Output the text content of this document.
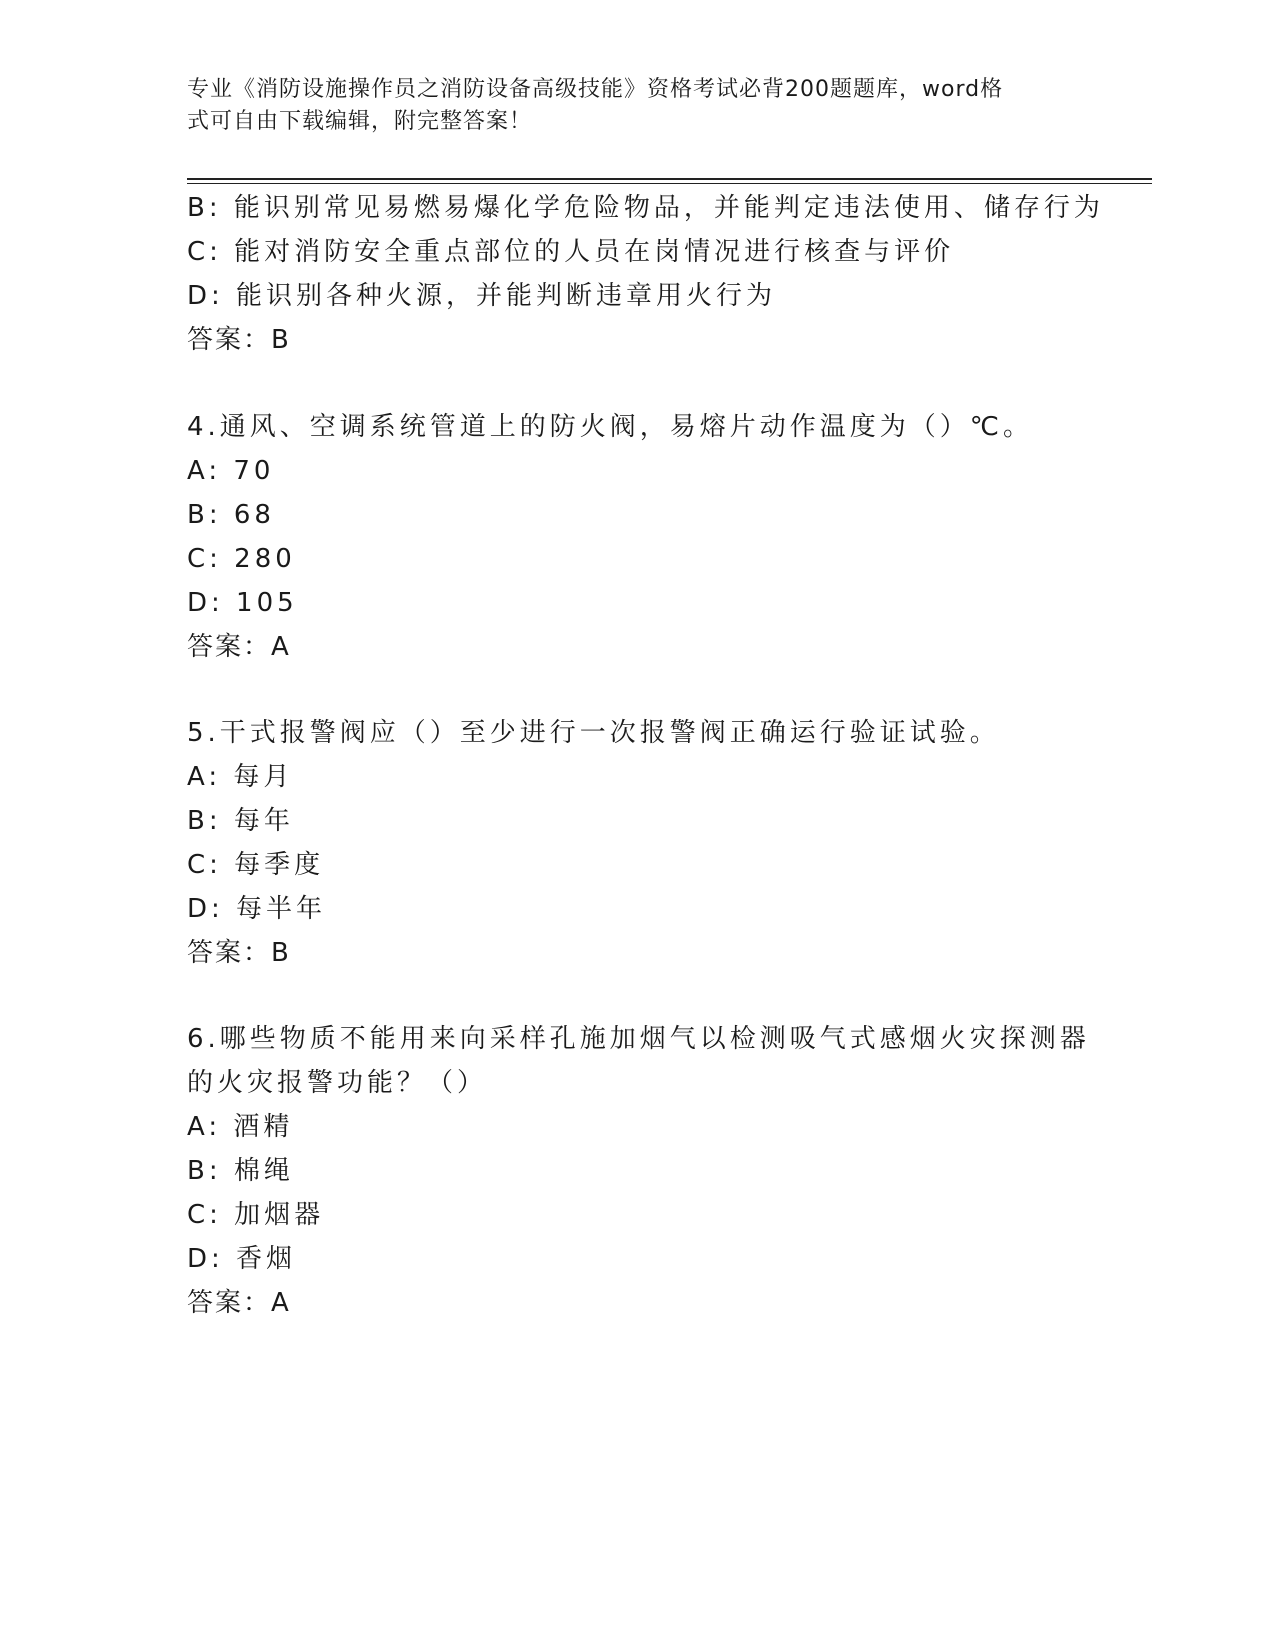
专业《消防设施操作员之消防设备高级技能》资格考试必背200题题库，word格
式可自由下载编辑，附完整答案！
B: 能识别常见易燃易爆化学危险物品，并能判定违法使用、储存行为
C: 能对消防安全重点部位的人员在岗情况进行核查与评价
D: 能识别各种火源，并能判断违章用火行为
答案：B
4.通风、空调系统管道上的防火阀，易熔片动作温度为（）℃。
A: 70
B: 68
C: 280
D: 105
答案：A
5.干式报警阀应（）至少进行一次报警阀正确运行验证试验。
A: 每月
B: 每年
C: 每季度
D: 每半年
答案：B
6.哪些物质不能用来向采样孔施加烟气以检测吸气式感烟火灾探测器
的火灾报警功能？（）
A: 酒精
B: 棉绳
C: 加烟器
D: 香烟
答案：A
